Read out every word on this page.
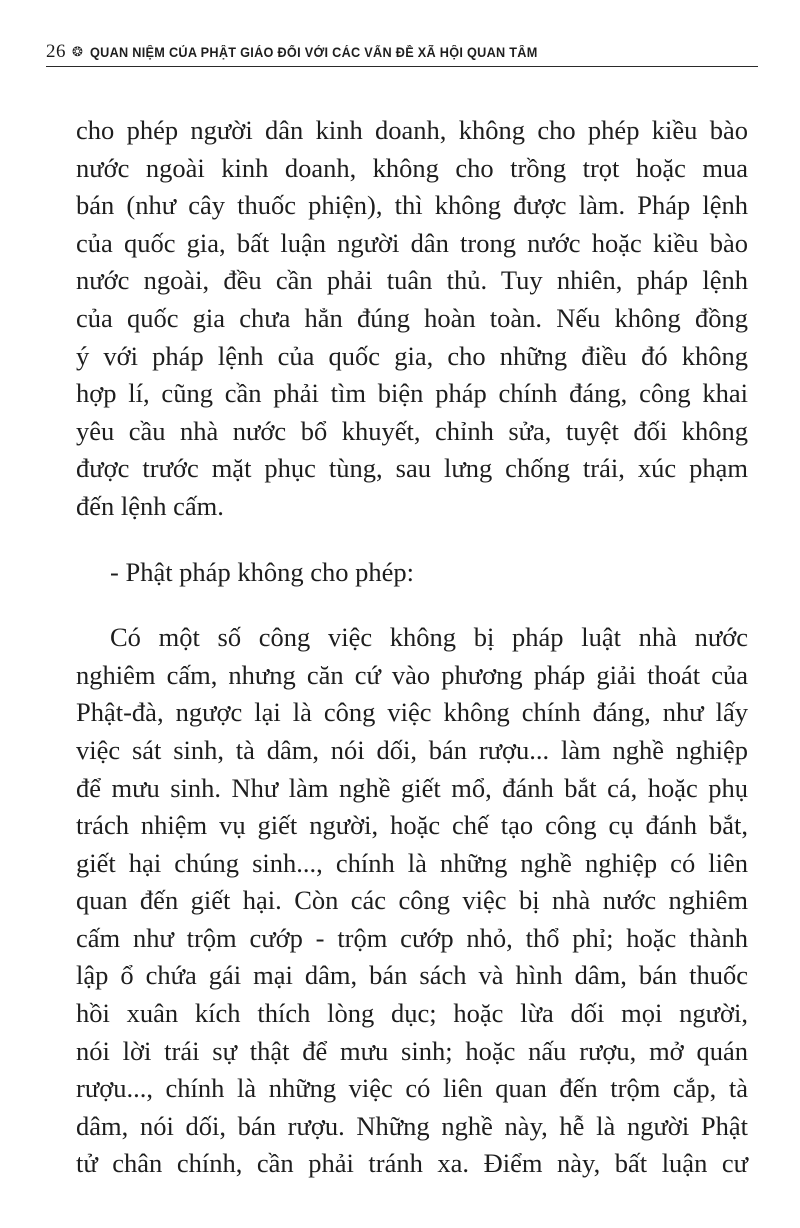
26 ❂ QUAN NIỆM CỦA PHẬT GIÁO ĐỐI VỚI CÁC VẤN ĐỀ XÃ HỘI QUAN TÂM
cho phép người dân kinh doanh, không cho phép kiều bào
nước ngoài kinh doanh, không cho trồng trọt hoặc mua
bán (như cây thuốc phiện), thì không được làm. Pháp lệnh
của quốc gia, bất luận người dân trong nước hoặc kiều bào
nước ngoài, đều cần phải tuân thủ. Tuy nhiên, pháp lệnh
của quốc gia chưa hẳn đúng hoàn toàn. Nếu không đồng
ý với pháp lệnh của quốc gia, cho những điều đó không
hợp lí, cũng cần phải tìm biện pháp chính đáng, công khai
yêu cầu nhà nước bổ khuyết, chỉnh sửa, tuyệt đối không
được trước mặt phục tùng, sau lưng chống trái, xúc phạm
đến lệnh cấm.
- Phật pháp không cho phép:
Có một số công việc không bị pháp luật nhà nước
nghiêm cấm, nhưng căn cứ vào phương pháp giải thoát của
Phật-đà, ngược lại là công việc không chính đáng, như lấy
việc sát sinh, tà dâm, nói dối, bán rượu... làm nghề nghiệp
để mưu sinh. Như làm nghề giết mổ, đánh bắt cá, hoặc phụ
trách nhiệm vụ giết người, hoặc chế tạo công cụ đánh bắt,
giết hại chúng sinh..., chính là những nghề nghiệp có liên
quan đến giết hại. Còn các công việc bị nhà nước nghiêm
cấm như trộm cướp - trộm cướp nhỏ, thổ phỉ; hoặc thành
lập ổ chứa gái mại dâm, bán sách và hình dâm, bán thuốc
hồi xuân kích thích lòng dục; hoặc lừa dối mọi người,
nói lời trái sự thật để mưu sinh; hoặc nấu rượu, mở quán
rượu..., chính là những việc có liên quan đến trộm cắp, tà
dâm, nói dối, bán rượu. Những nghề này, hễ là người Phật
tử chân chính, cần phải tránh xa. Điểm này, bất luận cư
